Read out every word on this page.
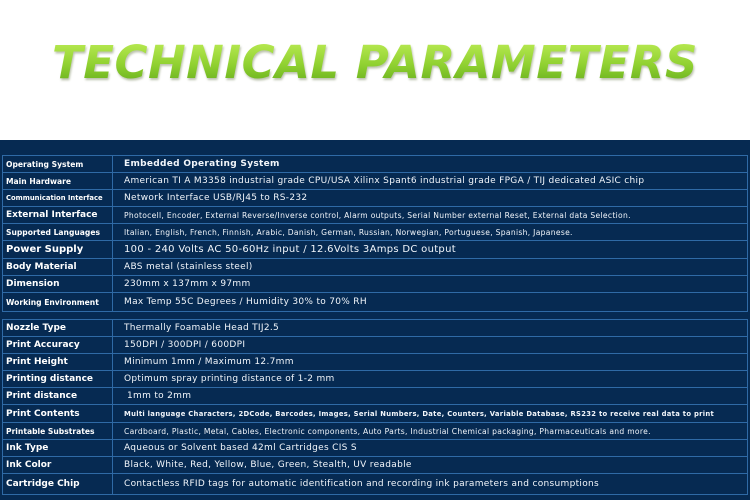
TECHNICAL PARAMETERS
Operating System	Embedded Operating System
Main Hardware	American TI A M3358 industrial grade CPU/USA Xilinx Spant6 industrial grade FPGA / TIJ dedicated ASIC chip
Communication Interface	Network Interface USB/RJ45 to RS-232
External Interface	Photocell, Encoder, External Reverse/Inverse control, Alarm outputs, Serial Number external Reset, External data Selection.
Supported Languages	Italian, English, French, Finnish, Arabic, Danish, German, Russian, Norwegian, Portuguese, Spanish, Japanese.
Power Supply	100 - 240 Volts AC 50-60Hz input / 12.6Volts 3Amps DC output
Body Material	ABS metal (stainless steel)
Dimension	230mm x 137mm x 97mm
Working Environment	Max Temp 55C Degrees / Humidity 30% to 70% RH
Nozzle Type	Thermally Foamable Head TIJ2.5
Print Accuracy	150DPI / 300DPI / 600DPI
Print Height	Minimum 1mm / Maximum 12.7mm
Printing distance	Optimum spray printing distance of 1-2 mm
Print distance	1mm to 2mm
Print Contents	Multi language Characters, 2DCode, Barcodes, Images, Serial Numbers, Date, Counters, Variable Database, RS232 to receive real data to print
Printable Substrates	Cardboard, Plastic, Metal, Cables, Electronic components, Auto Parts, Industrial Chemical packaging, Pharmaceuticals and more.
Ink Type	Aqueous or Solvent based 42ml Cartridges CIS S
Ink Color	Black, White, Red, Yellow, Blue, Green, Stealth, UV readable
Cartridge Chip	Contactless RFID tags for automatic identification and recording ink parameters and consumptions
